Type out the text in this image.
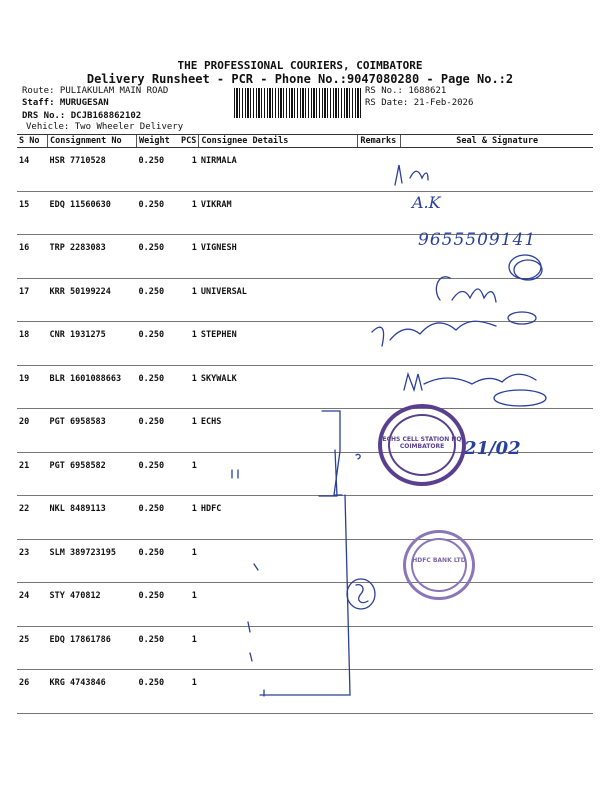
THE PROFESSIONAL COURIERS, COIMBATORE
Delivery Runsheet - PCR - Phone No.:9047080280 - Page No.:2
Route: PULIAKULAM MAIN ROAD
Staff: MURUGESAN
DRS No.: DCJB168862102
Vehicle: Two Wheeler Delivery
RS No.: 1688621
RS Date: 21-Feb-2026
S No	Consignment No	Weight	PCS	Consignee Details	Remarks	Seal & Signature
14	HSR 7710528	0.250	1	NIRMALA		
15	EDQ 11560630	0.250	1	VIKRAM		
16	TRP 2283083	0.250	1	VIGNESH		
17	KRR 50199224	0.250	1	UNIVERSAL		
18	CNR 1931275	0.250	1	STEPHEN		
19	BLR 1601088663	0.250	1	SKYWALK		
20	PGT 6958583	0.250	1	ECHS		
21	PGT 6958582	0.250	1			
22	NKL 8489113	0.250	1	HDFC		
23	SLM 389723195	0.250	1			
24	STY 470812	0.250	1			
25	EDQ 17861786	0.250	1			
26	KRG 4743846	0.250	1			
A.K
9655509141
21/02
ECHS CELL STATION HQ COIMBATORE
HDFC BANK LTD
